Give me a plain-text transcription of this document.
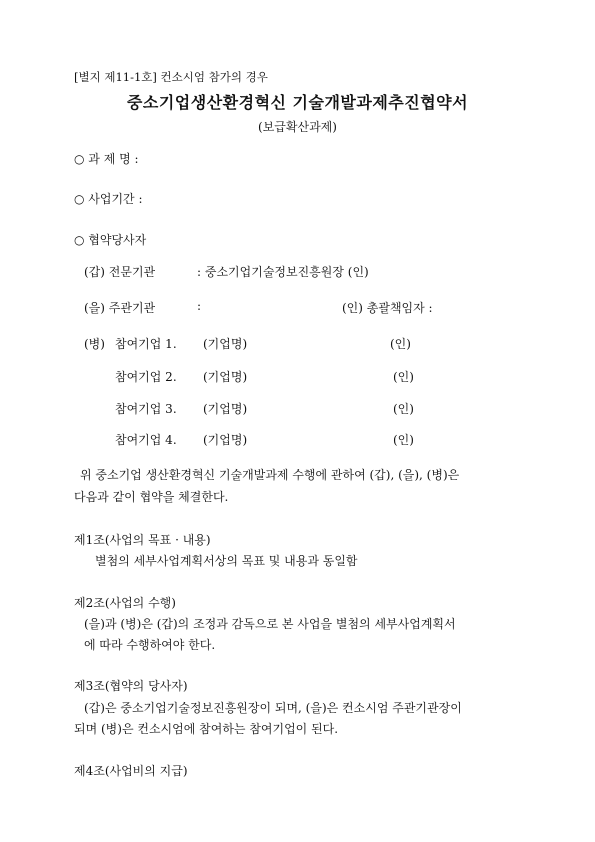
[별지 제11-1호] 컨소시엄 참가의 경우
중소기업생산환경혁신 기술개발과제추진협약서
(보급확산과제)
○ 과 제 명 :
○ 사업기간 :
○ 협약당사자
(갑) 전문기관	: 중소기업기술정보진흥원장 (인)
(을) 주관기관	:	(인) 총괄책임자 :
(병) 참여기업 1. (기업명)	(인)
참여기업 2. (기업명)	(인)
참여기업 3. (기업명)	(인)
참여기업 4. (기업명)	(인)
위 중소기업 생산환경혁신 기술개발과제 수행에 관하여 (갑), (을), (병)은
다음과 같이 협약을 체결한다.
제1조(사업의 목표 · 내용)
별첨의 세부사업계획서상의 목표 및 내용과 동일함
제2조(사업의 수행)
(을)과 (병)은 (갑)의 조정과 감독으로 본 사업을 별첨의 세부사업계획서
에 따라 수행하여야 한다.
제3조(협약의 당사자)
(갑)은 중소기업기술정보진흥원장이 되며, (을)은 컨소시엄 주관기관장이
되며 (병)은 컨소시엄에 참여하는 참여기업이 된다.
제4조(사업비의 지급)
